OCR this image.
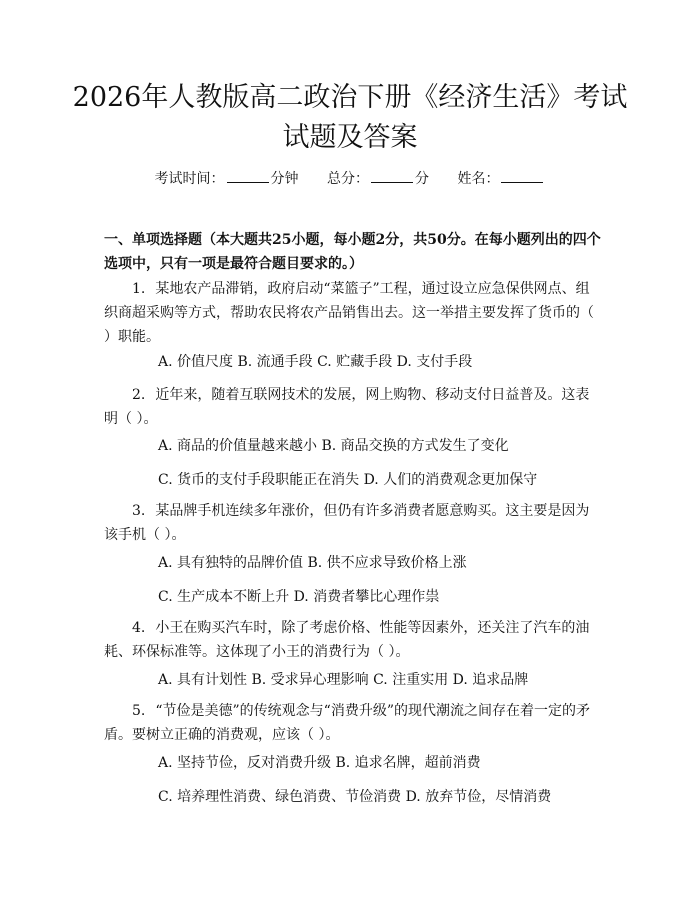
2026年人教版高二政治下册《经济生活》考试试题及答案
考试时间：	分钟 总分：	分 姓名：

一、单项选择题（本大题共25小题，每小题2分，共50分。在每小题列出的四个选项中，只有一项是最符合题目要求的。）

1. 某地农产品滞销，政府启动“菜篮子”工程，通过设立应急保供网点、组织商超采购等方式，帮助农民将农产品销售出去。这一举措主要发挥了货币的（ ）职能。

A. 价值尺度 B. 流通手段 C. 贮藏手段 D. 支付手段

2. 近年来，随着互联网技术的发展，网上购物、移动支付日益普及。这表明（ ）。

A. 商品的价值量越来越小 B. 商品交换的方式发生了变化

C. 货币的支付手段职能正在消失 D. 人们的消费观念更加保守

3. 某品牌手机连续多年涨价，但仍有许多消费者愿意购买。这主要是因为该手机（ ）。

A. 具有独特的品牌价值 B. 供不应求导致价格上涨

C. 生产成本不断上升 D. 消费者攀比心理作祟

4. 小王在购买汽车时，除了考虑价格、性能等因素外，还关注了汽车的油耗、环保标准等。这体现了小王的消费行为（ ）。

A. 具有计划性 B. 受求异心理影响 C. 注重实用 D. 追求品牌

5. “节俭是美德”的传统观念与“消费升级”的现代潮流之间存在着一定的矛盾。要树立正确的消费观，应该（ ）。

A. 坚持节俭，反对消费升级 B. 追求名牌，超前消费

C. 培养理性消费、绿色消费、节俭消费 D. 放弃节俭，尽情消费
